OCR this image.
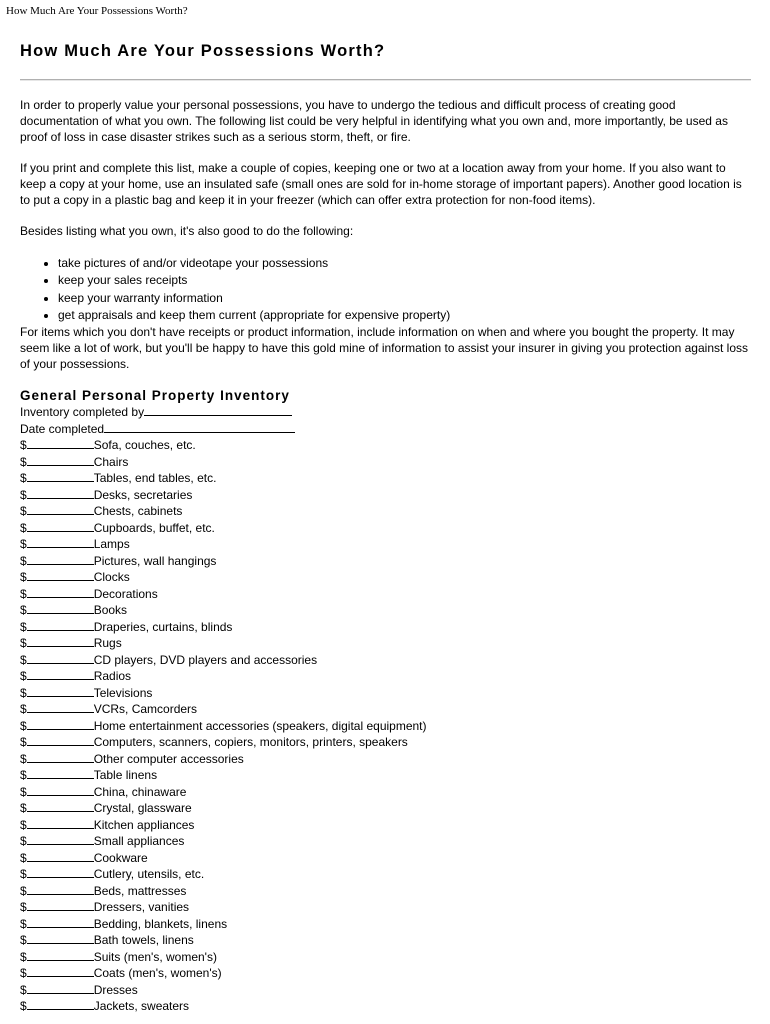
How Much Are Your Possessions Worth?
How Much Are Your Possessions Worth?

In order to properly value your personal possessions, you have to undergo the tedious and difficult process of creating good documentation of what you own. The following list could be very helpful in identifying what you own and, more importantly, be used as proof of loss in case disaster strikes such as a serious storm, theft, or fire.

If you print and complete this list, make a couple of copies, keeping one or two at a location away from your home. If you also want to keep a copy at your home, use an insulated safe (small ones are sold for in-home storage of important papers). Another good location is to put a copy in a plastic bag and keep it in your freezer (which can offer extra protection for non-food items).

Besides listing what you own, it's also good to do the following:

• take pictures of and/or videotape your possessions
• keep your sales receipts
• keep your warranty information
• get appraisals and keep them current (appropriate for expensive property)

For items which you don't have receipts or product information, include information on when and where you bought the property. It may seem like a lot of work, but you'll be happy to have this gold mine of information to assist your insurer in giving you protection against loss of your possessions.

General Personal Property Inventory
Inventory completed by
Date completed
$	Sofa, couches, etc.
$	Chairs
$	Tables, end tables, etc.
$	Desks, secretaries
$	Chests, cabinets
$	Cupboards, buffet, etc.
$	Lamps
$	Pictures, wall hangings
$	Clocks
$	Decorations
$	Books
$	Draperies, curtains, blinds
$	Rugs
$	CD players, DVD players and accessories
$	Radios
$	Televisions
$	VCRs, Camcorders
$	Home entertainment accessories (speakers, digital equipment)
$	Computers, scanners, copiers, monitors, printers, speakers
$	Other computer accessories
$	Table linens
$	China, chinaware
$	Crystal, glassware
$	Kitchen appliances
$	Small appliances
$	Cookware
$	Cutlery, utensils, etc.
$	Beds, mattresses
$	Dressers, vanities
$	Bedding, blankets, linens
$	Bath towels, linens
$	Suits (men's, women's)
$	Coats (men's, women's)
$	Dresses
$	Jackets, sweaters
